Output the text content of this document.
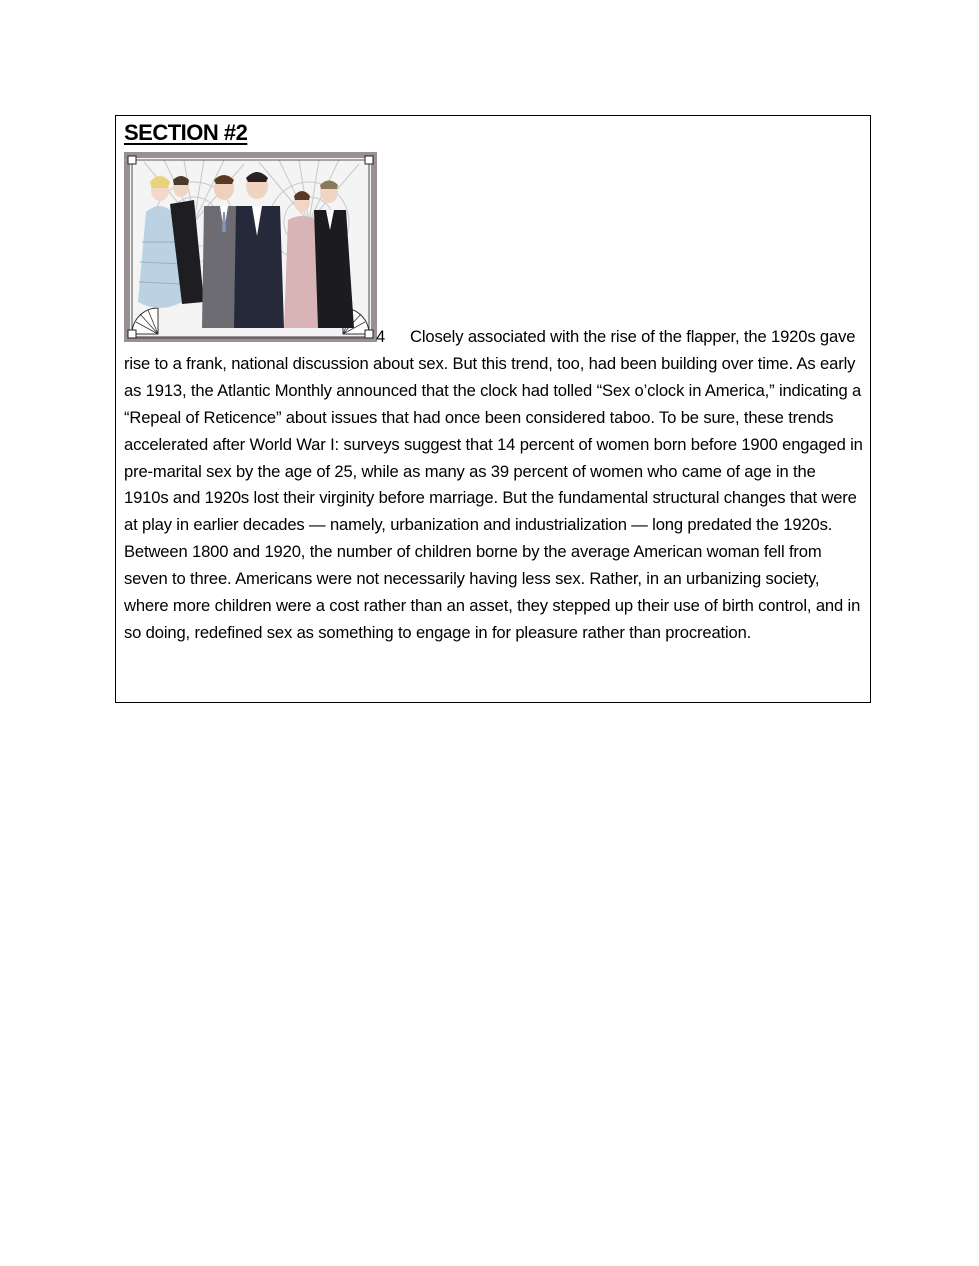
SECTION #2

4 Closely associated with the rise of the flapper, the 1920s gave rise to a frank, national discussion about sex. But this trend, too, had been building over time. As early as 1913, the Atlantic Monthly announced that the clock had tolled “Sex o’clock in America,” indicating a “Repeal of Reticence” about issues that had once been considered taboo. To be sure, these trends accelerated after World War I: surveys suggest that 14 percent of women born before 1900 engaged in pre-marital sex by the age of 25, while as many as 39 percent of women who came of age in the 1910s and 1920s lost their virginity before marriage. But the fundamental structural changes that were at play in earlier decades — namely, urbanization and industrialization — long predated the 1920s. Between 1800 and 1920, the number of children borne by the average American woman fell from seven to three. Americans were not necessarily having less sex. Rather, in an urbanizing society, where more children were a cost rather than an asset, they stepped up their use of birth control, and in so doing, redefined sex as something to engage in for pleasure rather than procreation.
